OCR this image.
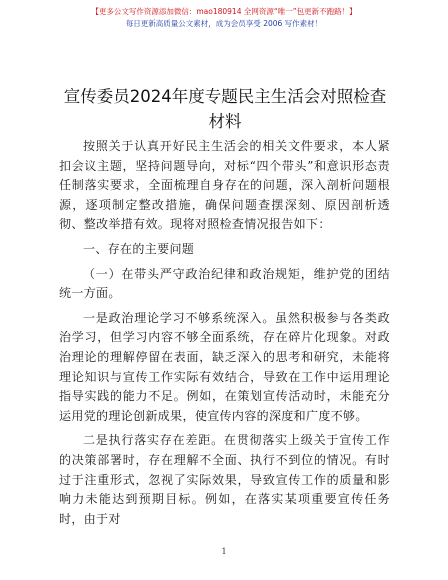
【更多公文写作资源添加微信：mao180914 全网资源“唯一”包更新不跑路！】
每日更新高质量公文素材，成为会员享受 2006 写作素材！
宣传委员2024年度专题民主生活会对照检查材料

按照关于认真开好民主生活会的相关文件要求，本人紧扣会议主题，坚持问题导向，对标“四个带头”和意识形态责任制落实要求，全面梳理自身存在的问题，深入剖析问题根源，逐项制定整改措施，确保问题查摆深刻、原因剖析透彻、整改举措有效。现将对照检查情况报告如下：

一、存在的主要问题

（一）在带头严守政治纪律和政治规矩，维护党的团结统一方面。

一是政治理论学习不够系统深入。虽然积极参与各类政治学习，但学习内容不够全面系统，存在碎片化现象。对政治理论的理解停留在表面，缺乏深入的思考和研究，未能将理论知识与宣传工作实际有效结合，导致在工作中运用理论指导实践的能力不足。例如，在策划宣传活动时，未能充分运用党的理论创新成果，使宣传内容的深度和广度不够。

二是执行落实存在差距。在贯彻落实上级关于宣传工作的决策部署时，存在理解不全面、执行不到位的情况。有时过于注重形式，忽视了实际效果，导致宣传工作的质量和影响力未能达到预期目标。例如，在落实某项重要宣传任务时，由于对

1
